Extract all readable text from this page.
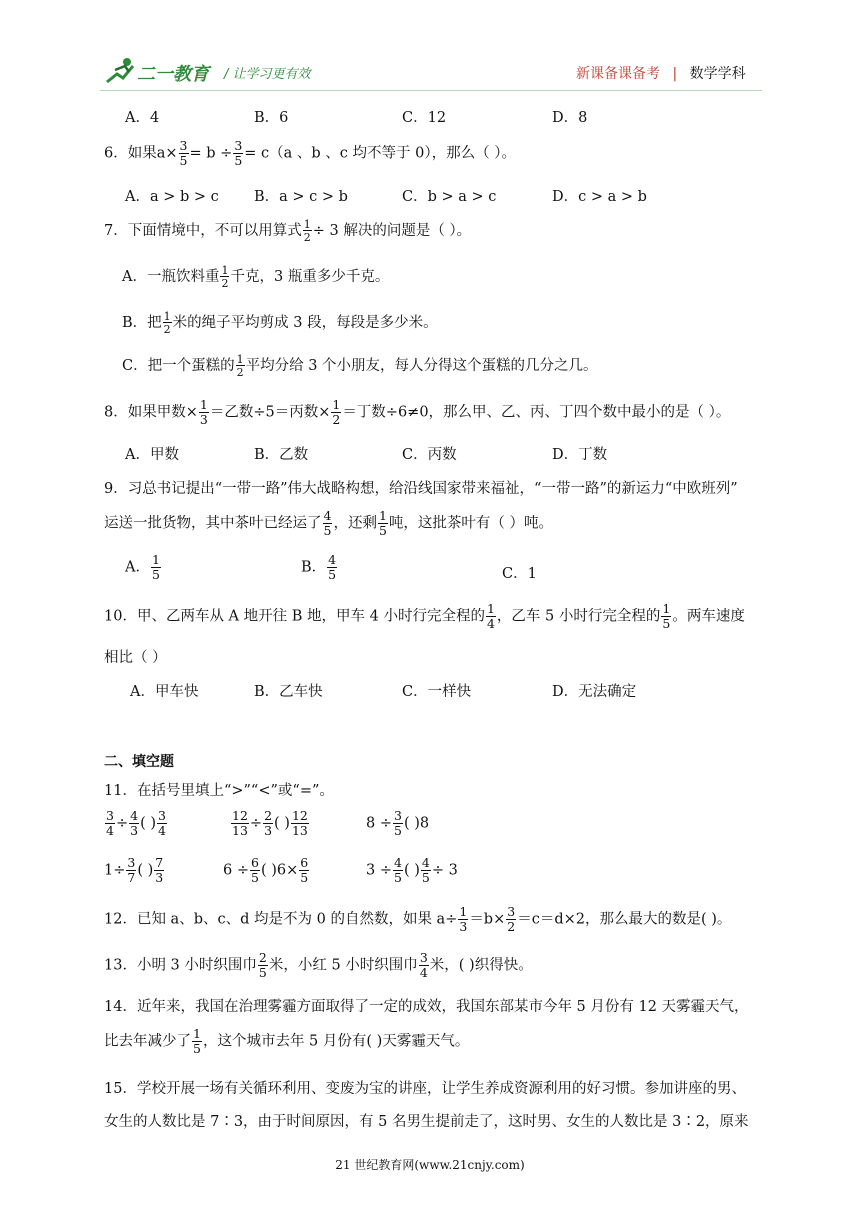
二一教育 / 让学习更有效	新课备课备考 | 数学学科
A．4	B．6	C．12	D．8
6．如果$a\times \frac{3}{5} = b \div \frac{3}{5} = c(a$ 、b 、c 均不等于 0），那么（ ）。
A．a > b > c B．a > c > b	C．b > a > c	D．c > a > b
7．下面情境中，不可以用算式 $\frac{1}{2} \div 3$ 解决的问题是（ ）。
A．一瓶饮料重 $\frac{1}{2}$ 千克，3 瓶重多少千克。
B．把 $\frac{1}{2}$ 米的绳子平均剪成 3 段，每段是多少米。
C．把一个蛋糕的 $\frac{1}{2}$ 平均分给 3 个小朋友，每人分得这个蛋糕的几分之几。
8．如果甲数× $\frac{1}{3}$ ＝乙数÷5＝丙数× $\frac{1}{2}$ ＝丁数÷6≠0，那么甲、乙、丙、丁四个数中最小的是（ ）。
A．甲数	B．乙数	C．丙数	D．丁数
9．习总书记提出“一带一路”伟大战略构想，给沿线国家带来福祉，“一带一路”的新运力“中欧班列”
运送一批货物，其中茶叶已经运了 $\frac{4}{5}$ ，还剩 $\frac{1}{5}$ 吨，这批茶叶有（ ）吨。
A． $\frac{1}{5}$	B． $\frac{4}{5}$	C．1
10．甲、乙两车从 A 地开往 B 地，甲车 4 小时行完全程的 $\frac{1}{4}$ ，乙车 5 小时行完全程的 $\frac{1}{5}$ 。两车速度
相比（ ）
A．甲车快	B．乙车快	C．一样快	D．无法确定
二、填空题
11．在括号里填上“>”“<”或“=”。
$\frac{3}{4} \div \frac{4}{3}$ ( ) $\frac{3}{4}$	$\frac{12}{13} \div \frac{2}{3}$ ( ) $\frac{12}{13}$	$8 \div \frac{3}{5}$ ( )8
$1\div \frac{3}{7}$ ( ) $\frac{7}{3}$	$6 \div \frac{6}{5}$ ( )$6\times \frac{6}{5}$	$3 \div \frac{4}{5}$ ( ) $\frac{4}{5} \div 3$
12．已知 a、b、c、d 均是不为 0 的自然数，如果 $a\div \frac{1}{3} =b\times \frac{3}{2} =c=d\times 2$，那么最大的数是( )。
13．小明 3 小时织围巾 $\frac{2}{5}$ 米，小红 5 小时织围巾 $\frac{3}{4}$ 米，( )织得快。
14．近年来，我国在治理雾霾方面取得了一定的成效，我国东部某市今年 5 月份有 12 天雾霾天气，
比去年减少了 $\frac{1}{5}$ ，这个城市去年 5 月份有( )天雾霾天气。
15．学校开展一场有关循环利用、变废为宝的讲座，让学生养成资源利用的好习惯。参加讲座的男、
女生的人数比是 7∶3，由于时间原因，有 5 名男生提前走了，这时男、女生的人数比是 3∶2，原来
21 世纪教育网(www.21cnjy.com)
